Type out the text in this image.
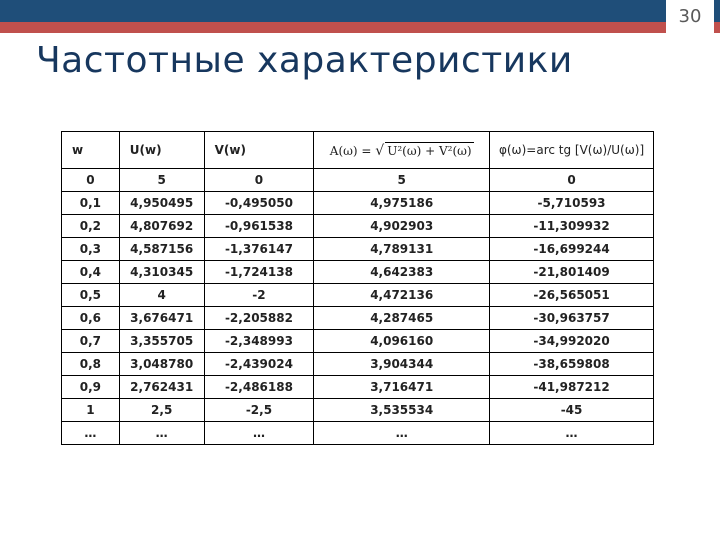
30
Частотные характеристики
w	U(w)	V(w)	A(ω) = √ U²(ω) + V²(ω)	φ(ω)=arc tg [V(ω)/U(ω)]
0	5	0	5	0
0,1	4,950495	-0,495050	4,975186	-5,710593
0,2	4,807692	-0,961538	4,902903	-11,309932
0,3	4,587156	-1,376147	4,789131	-16,699244
0,4	4,310345	-1,724138	4,642383	-21,801409
0,5	4	-2	4,472136	-26,565051
0,6	3,676471	-2,205882	4,287465	-30,963757
0,7	3,355705	-2,348993	4,096160	-34,992020
0,8	3,048780	-2,439024	3,904344	-38,659808
0,9	2,762431	-2,486188	3,716471	-41,987212
1	2,5	-2,5	3,535534	-45
…	…	…	…	…
